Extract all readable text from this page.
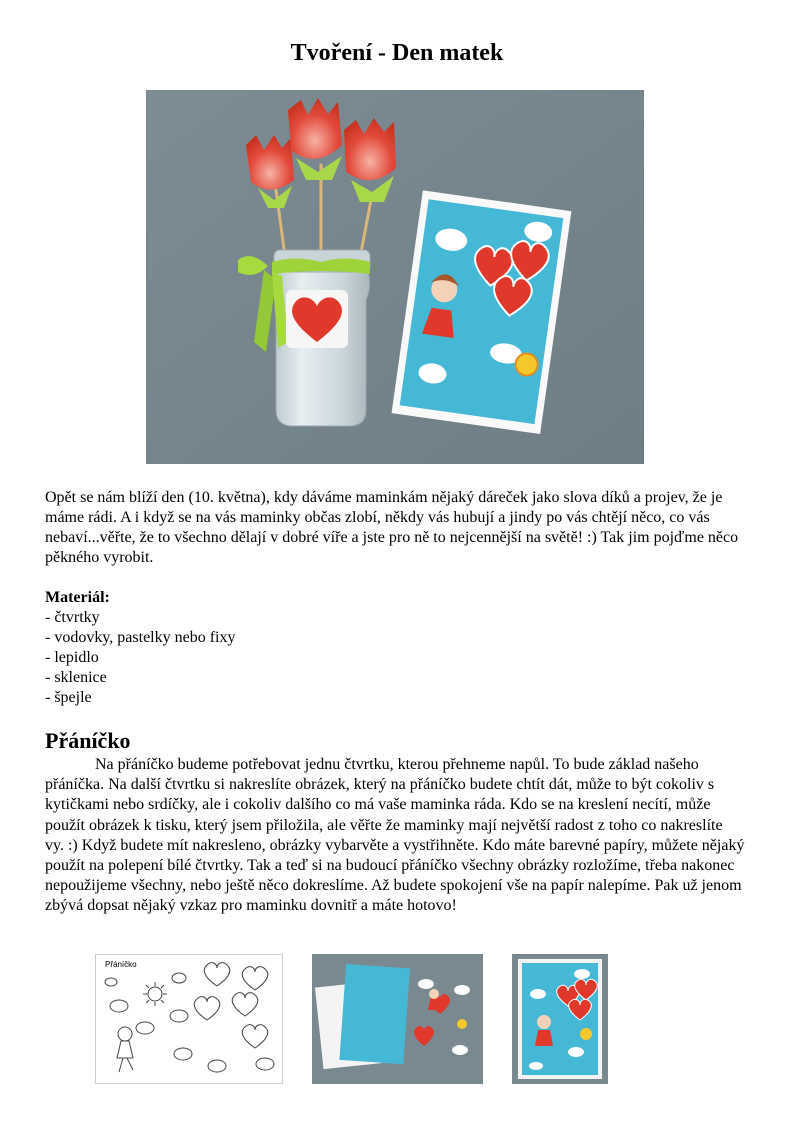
Tvoření - Den matek

Opět se nám blíží den (10. května), kdy dáváme maminkám nějaký dáreček jako slova díků a projev, že je máme rádi. A i když se na vás maminky občas zlobí, někdy vás hubují a jindy po vás chtějí něco, co vás nebaví...věřte, že to všechno dělají v dobré víře a jste pro ně to nejcennější na světě! :) Tak jim pojďme něco pěkného vyrobit.

Materiál:

- čtvrtky
- vodovky, pastelky nebo fixy
- lepidlo
- sklenice
- špejle
Přáníčko

Na přáníčko budeme potřebovat jednu čtvrtku, kterou přehneme napůl. To bude základ našeho přáníčka. Na další čtvrtku si nakreslíte obrázek, který na přáníčko budete chtít dát, může to být cokoliv s kytičkami nebo srdíčky, ale i cokoliv dalšího co má vaše maminka ráda. Kdo se na kreslení necítí, může použít obrázek k tisku, který jsem přiložila, ale věřte že maminky mají největší radost z toho co nakreslíte vy. :) Když budete mít nakresleno, obrázky vybarvěte a vystřihněte. Kdo máte barevné papíry, můžete nějaký použít na polepení bílé čtvrtky. Tak a teď si na budoucí přáníčko všechny obrázky rozložíme, třeba nakonec nepoužijeme všechny, nebo ještě něco dokreslíme. Až budete spokojení vše na papír nalepíme. Pak už jenom zbývá dopsat nějaký vzkaz pro maminku dovnitř a máte hotovo!

Přáníčko
